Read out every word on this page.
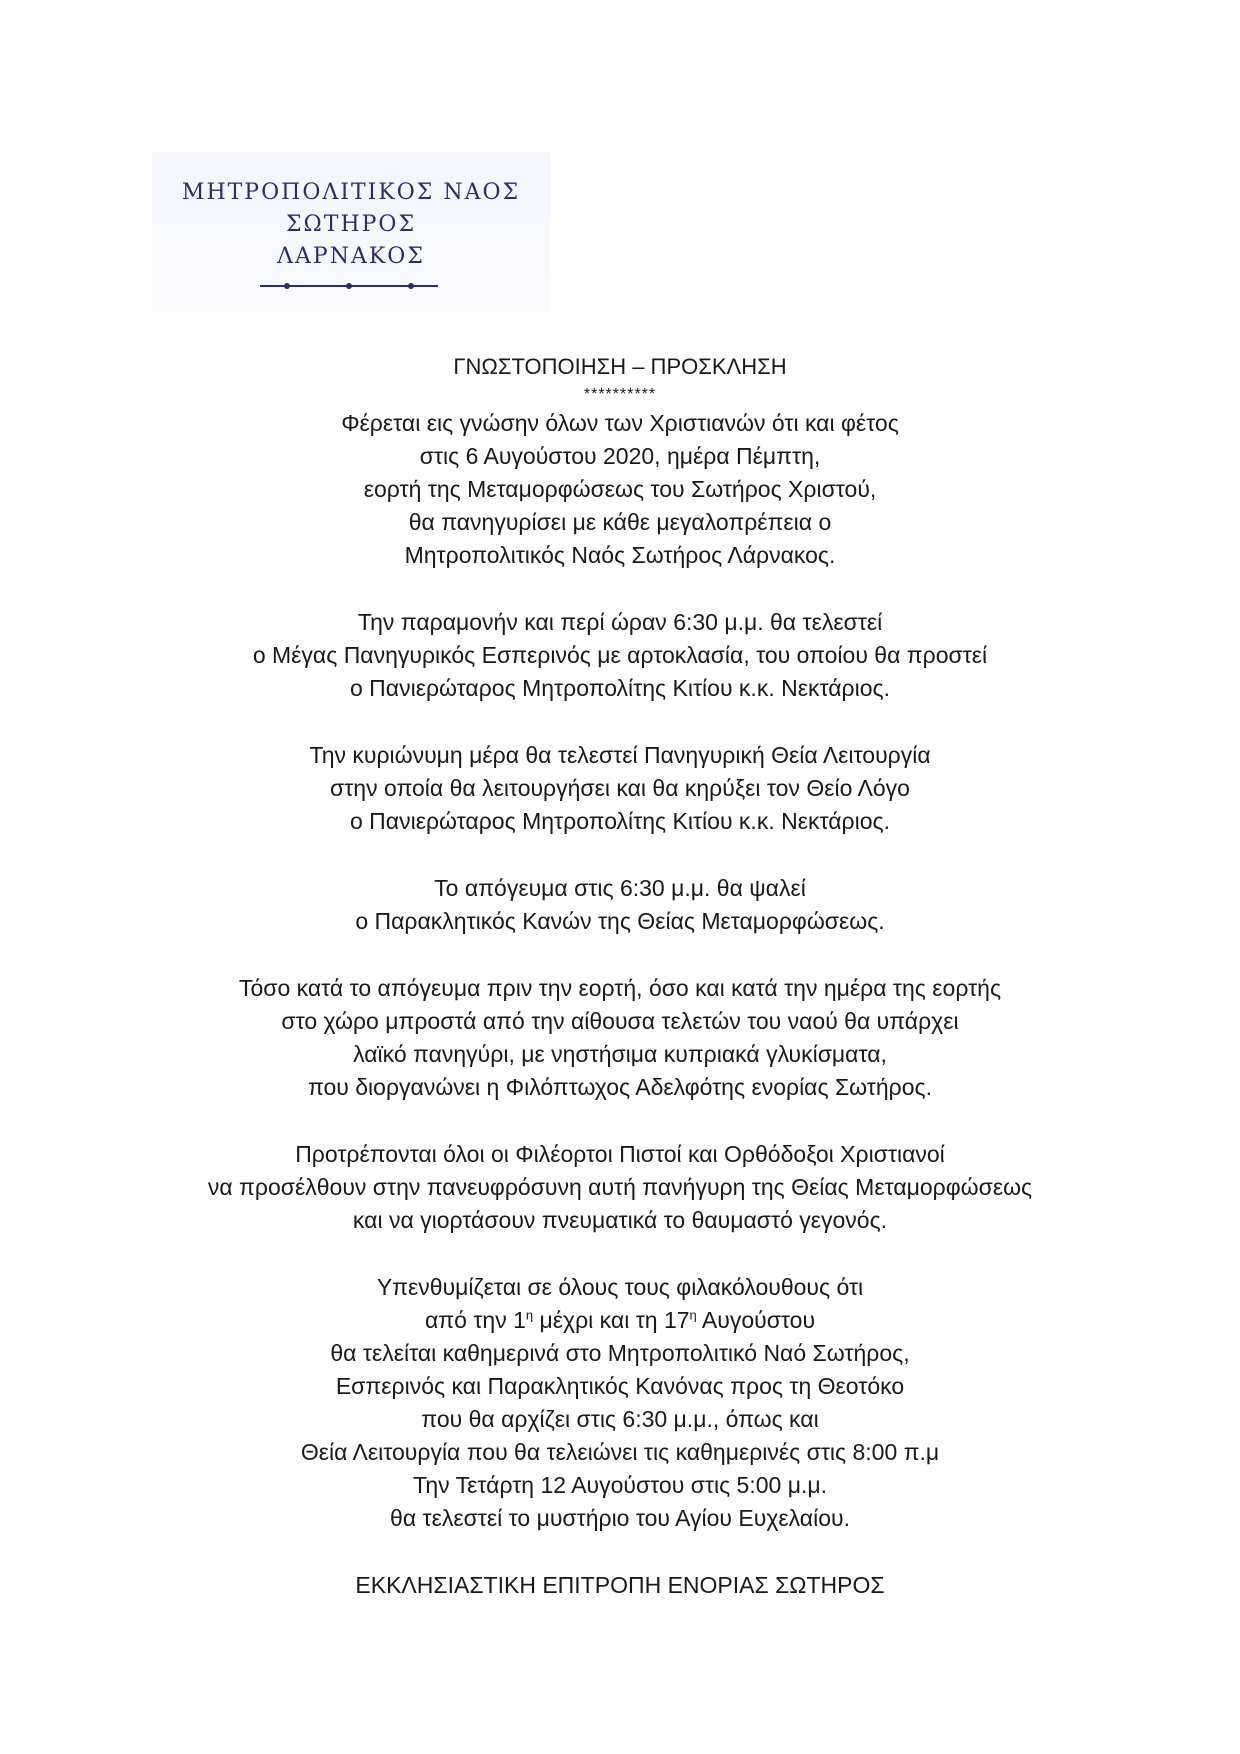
ΜΗΤΡΟΠΟΛΙΤΙΚΟΣ ΝΑΟΣ
ΣΩΤΗΡΟΣ
ΛΑΡΝΑΚΟΣ
ΓΝΩΣΤΟΠΟΙΗΣΗ – ΠΡΟΣΚΛΗΣΗ
**********
Φέρεται εις γνώσην όλων των Χριστιανών ότι και φέτος
στις 6 Αυγούστου 2020, ημέρα Πέμπτη,
εορτή της Μεταμορφώσεως του Σωτήρος Χριστού,
θα πανηγυρίσει με κάθε μεγαλοπρέπεια ο
Μητροπολιτικός Ναός Σωτήρος Λάρνακος.
Την παραμονήν και περί ώραν 6:30 μ.μ. θα τελεστεί
ο Μέγας Πανηγυρικός Εσπερινός με αρτοκλασία, του οποίου θα προστεί
ο Πανιερώταρος Μητροπολίτης Κιτίου κ.κ. Νεκτάριος.
Την κυριώνυμη μέρα θα τελεστεί Πανηγυρική Θεία Λειτουργία
στην οποία θα λειτουργήσει και θα κηρύξει τον Θείο Λόγο
ο Πανιερώταρος Μητροπολίτης Κιτίου κ.κ. Νεκτάριος.
Το απόγευμα στις 6:30 μ.μ. θα ψαλεί
ο Παρακλητικός Κανών της Θείας Μεταμορφώσεως.
Τόσο κατά το απόγευμα πριν την εορτή, όσο και κατά την ημέρα της εορτής
στο χώρο μπροστά από την αίθουσα τελετών του ναού θα υπάρχει
λαϊκό πανηγύρι, με νηστήσιμα κυπριακά γλυκίσματα,
που διοργανώνει η Φιλόπτωχος Αδελφότης ενορίας Σωτήρος.
Προτρέπονται όλοι οι Φιλέορτοι Πιστοί και Ορθόδοξοι Χριστιανοί
να προσέλθουν στην πανευφρόσυνη αυτή πανήγυρη της Θείας Μεταμορφώσεως
και να γιορτάσουν πνευματικά το θαυμαστό γεγονός.
Υπενθυμίζεται σε όλους τους φιλακόλουθους ότι
από την $1^\eta$ μέχρι και τη $17^\eta$ Αυγούστου
θα τελείται καθημερινά στο Μητροπολιτικό Ναό Σωτήρος,
Εσπερινός και Παρακλητικός Κανόνας προς τη Θεοτόκο
που θα αρχίζει στις 6:30 μ.μ., όπως και
Θεία Λειτουργία που θα τελειώνει τις καθημερινές στις 8:00 π.μ
Την Τετάρτη 12 Αυγούστου στις 5:00 μ.μ.
θα τελεστεί το μυστήριο του Αγίου Ευχελαίου.
ΕΚΚΛΗΣΙΑΣΤΙΚΗ ΕΠΙΤΡΟΠΗ ΕΝΟΡΙΑΣ ΣΩΤΗΡΟΣ
